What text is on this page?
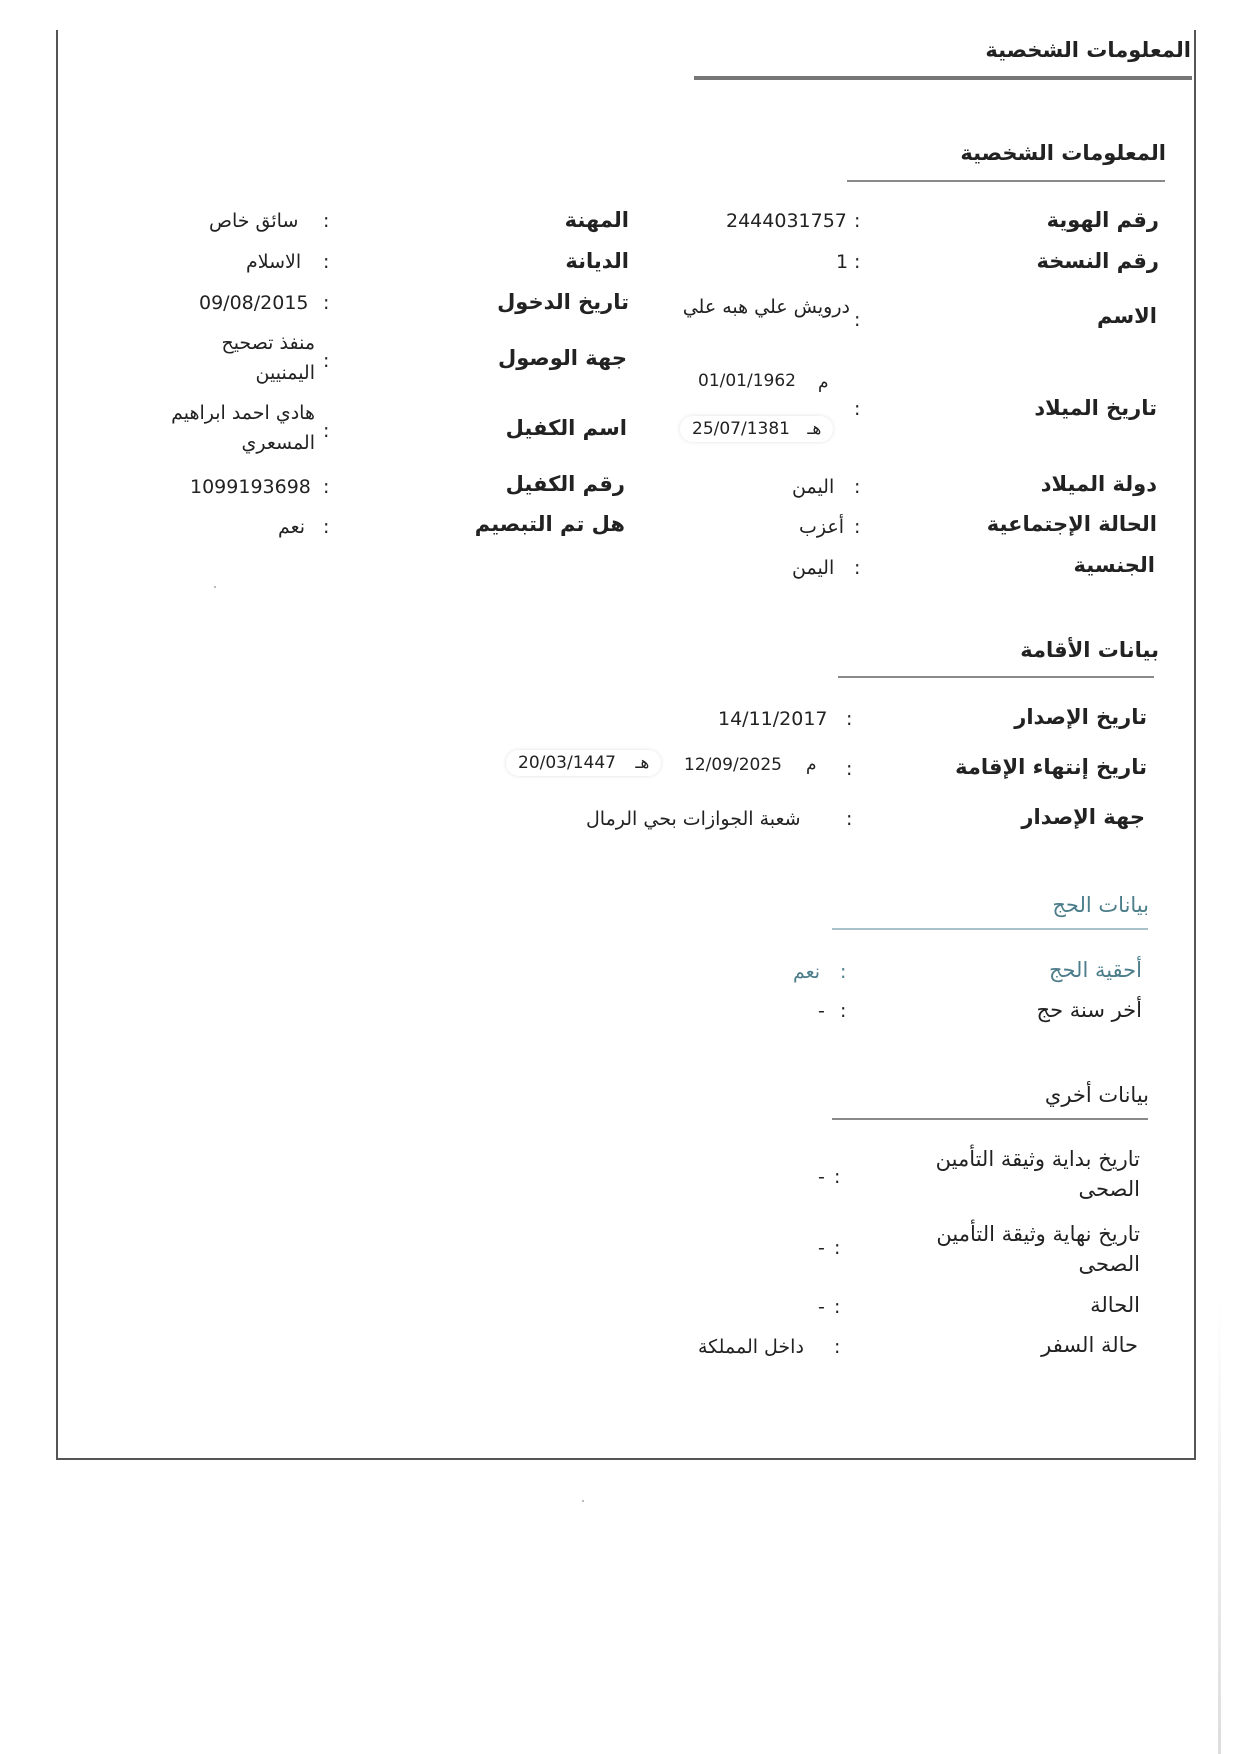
المعلومات الشخصية
المعلومات الشخصية
رقم الهوية
رقم النسخة
الاسم
تاريخ الميلاد
دولة الميلاد
الحالة الإجتماعية
الجنسية
:
:
:
:
:
:
:
2444031757
1
درويش علي هبه علي
01/01/1962 م
25/07/1381 هـ
اليمن
أعزب
اليمن
المهنة
الديانة
تاريخ الدخول
جهة الوصول
اسم الكفيل
رقم الكفيل
هل تم التبصيم
:
:
:
:
:
:
:
سائق خاص
الاسلام
09/08/2015
منفذ تصحيح اليمنيين
هادي احمد ابراهيم المسعري
1099193698
نعم
بيانات الأقامة
تاريخ الإصدار
تاريخ إنتهاء الإقامة
جهة الإصدار
:
:
:
14/11/2017
12/09/2025 م
20/03/1447 هـ
شعبة الجوازات بحي الرمال
بيانات الحج
أحقية الحج
أخر سنة حج
:
:
نعم
-
بيانات أخري
تاريخ بداية وثيقة التأمين الصحى
تاريخ نهاية وثيقة التأمين الصحى
الحالة
حالة السفر
:
:
:
:
-
-
-
داخل المملكة
